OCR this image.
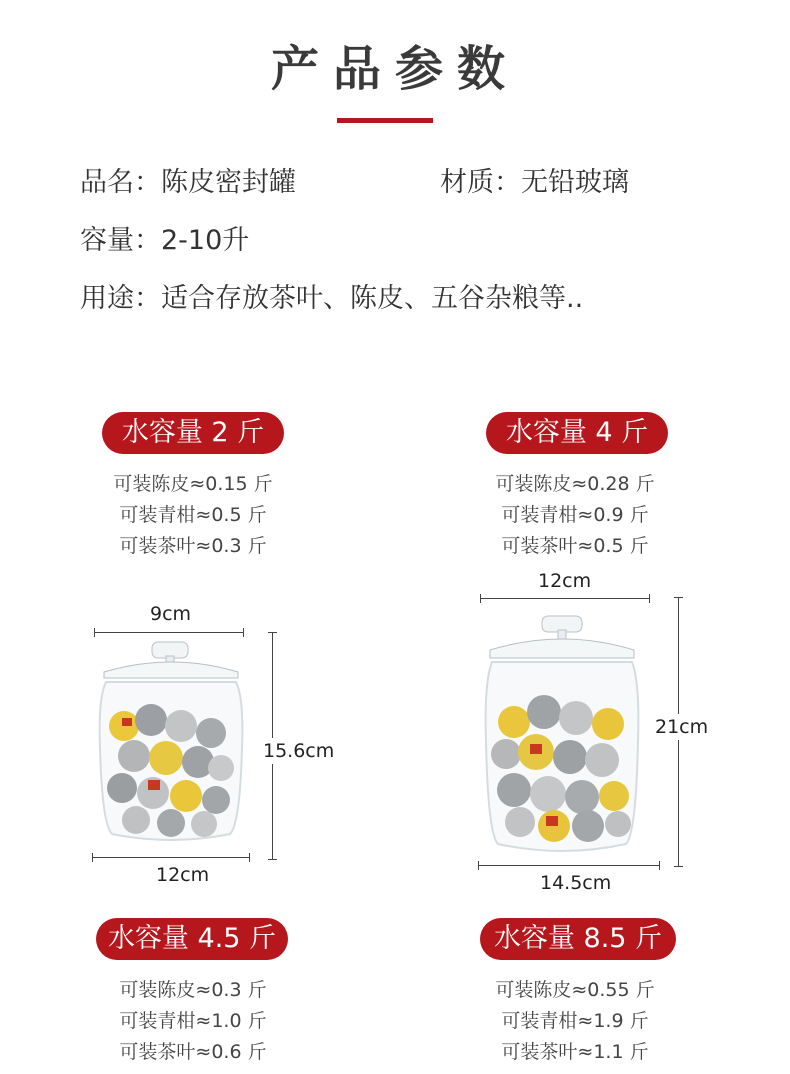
产品参数
品名：陈皮密封罐	材质：无铅玻璃
容量：2-10升
用途：适合存放茶叶、陈皮、五谷杂粮等..
水容量 2 斤
可装陈皮≈0.15 斤
可装青柑≈0.5 斤
可装茶叶≈0.3 斤
水容量 4 斤
可装陈皮≈0.28 斤
可装青柑≈0.9 斤
可装茶叶≈0.5 斤
9cm
15.6cm
12cm
12cm
21cm
14.5cm
水容量 4.5 斤
可装陈皮≈0.3 斤
可装青柑≈1.0 斤
可装茶叶≈0.6 斤
水容量 8.5 斤
可装陈皮≈0.55 斤
可装青柑≈1.9 斤
可装茶叶≈1.1 斤
